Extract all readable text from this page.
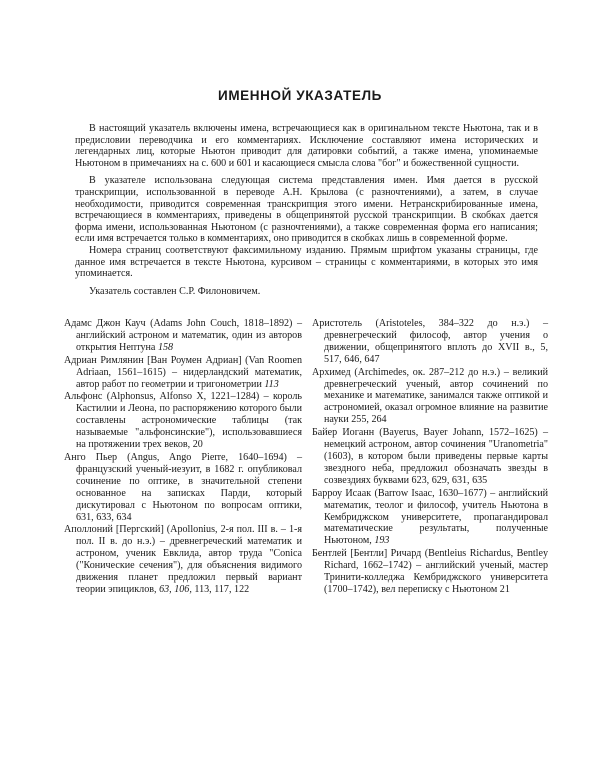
ИМЕННОЙ УКАЗАТЕЛЬ

В настоящий указатель включены имена, встречающиеся как в оригинальном тексте Ньютона, так и в предисловии переводчика и его комментариях. Исключение составляют имена исторических и легендарных лиц, которые Ньютон приводит для датировки событий, а также имена, упоминаемые Ньютоном в примечаниях на с. 600 и 601 и касающиеся смысла слова "бог" и божественной сущности.

В указателе использована следующая система представления имен. Имя дается в русской транскрипции, использованной в переводе А.Н. Крылова (с разночтениями), а затем, в случае необходимости, приводится современная транскрипция этого имени. Нетранскрибированные имена, встречающиеся в комментариях, приведены в общепринятой русской транскрипции. В скобках дается форма имени, использованная Ньютоном (с разночтениями), а также современная форма его написания; если имя встречается только в комментариях, оно приводится в скобках лишь в современной форме.

Номера страниц соответствуют факсимильному изданию. Прямым шрифтом указаны страницы, где данное имя встречается в тексте Ньютона, курсивом – страницы с комментариями, в которых это имя упоминается.

Указатель составлен С.Р. Филоновичем.

Адамс Джон Кауч (Adams John Couch, 1818–1892) – английский астроном и математик, один из авторов открытия Нептуна 158
Адриан Римлянин [Ван Роумен Адриан] (Van Roomen Adriaan, 1561–1615) – нидерландский математик, автор работ по геометрии и тригонометрии 113
Альфонс (Alphonsus, Alfonso X, 1221–1284) – король Кастилии и Леона, по распоряжению которого были составлены астрономические таблицы (так называемые "альфонсинские"), использовавшиеся на протяжении трех веков, 20
Анго Пьер (Angus, Ango Pierre, 1640–1694) – французский ученый-иезуит, в 1682 г. опубликовал сочинение по оптике, в значительной степени основанное на записках Парди, который дискутировал с Ньютоном по вопросам оптики, 631, 633, 634
Аполлоний [Пергский] (Apollonius, 2-я пол. III в. – 1-я пол. II в. до н.э.) – древнегреческий математик и астроном, ученик Евклида, автор труда "Conica ("Конические сечения"), для объяснения видимого движения планет предложил первый вариант теории эпициклов, 63, 106, 113, 117, 122
Аристотель (Aristoteles, 384–322 до н.э.) – древнегреческий философ, автор учения о движении, общепринятого вплоть до XVII в., 5, 517, 646, 647
Архимед (Archimedes, ок. 287–212 до н.э.) – великий древнегреческий ученый, автор сочинений по механике и математике, занимался также оптикой и астрономией, оказал огромное влияние на развитие науки 255, 264
Байер Иоганн (Bayerus, Bayer Johann, 1572–1625) – немецкий астроном, автор сочинения "Uranometria" (1603), в котором были приведены первые карты звездного неба, предложил обозначать звезды в созвездиях буквами 623, 629, 631, 635
Барроу Исаак (Barrow Isaac, 1630–1677) – английский математик, теолог и философ, учитель Ньютона в Кембриджском университете, пропагандировал математические результаты, полученные Ньютоном, 193
Бентлей [Бентли] Ричард (Bentleius Richardus, Bentley Richard, 1662–1742) – английский ученый, мастер Тринити-колледжа Кембриджского университета (1700–1742), вел переписку с Ньютоном 21
